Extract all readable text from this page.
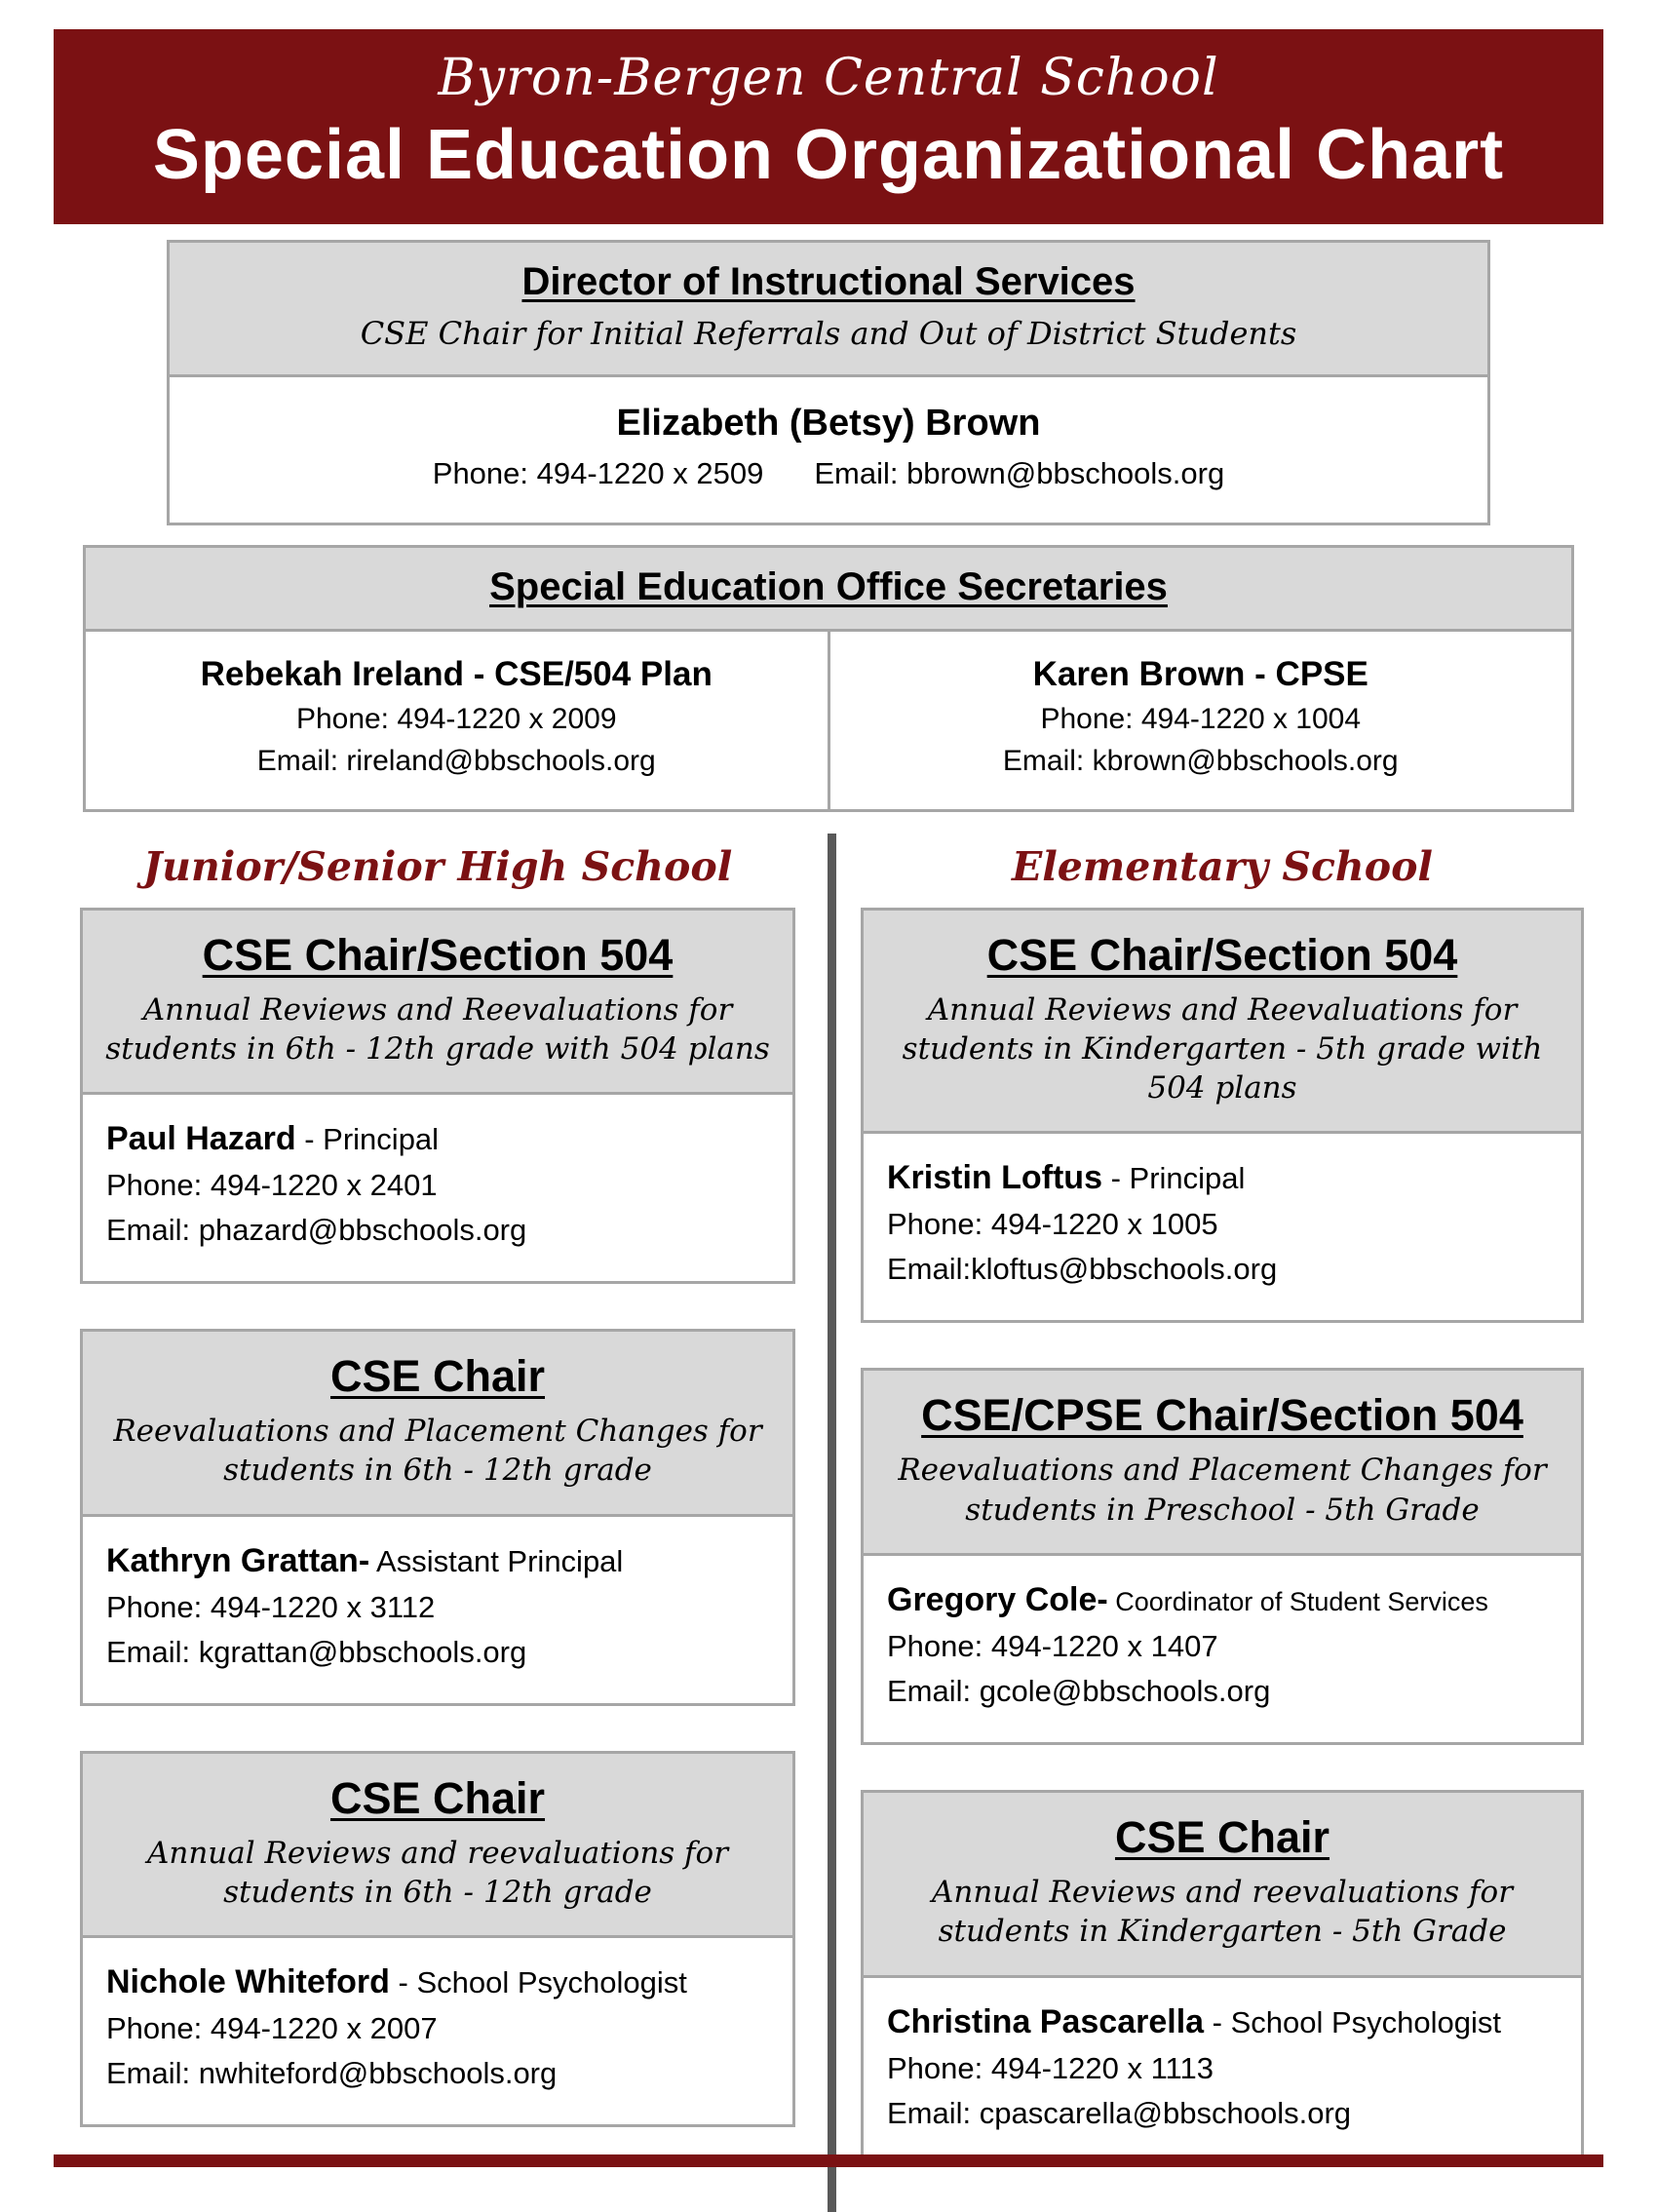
Byron-Bergen Central School
Special Education Organizational Chart
Director of Instructional Services
CSE Chair for Initial Referrals and Out of District Students
Elizabeth (Betsy) Brown
Phone: 494-1220 x 2509 Email: bbrown@bbschools.org
Special Education Office Secretaries
Rebekah Ireland - CSE/504 Plan
Phone: 494-1220 x 2009
Email: rireland@bbschools.org
Karen Brown - CPSE
Phone: 494-1220 x 1004
Email: kbrown@bbschools.org
Junior/Senior High School
CSE Chair/Section 504
Annual Reviews and Reevaluations for students in 6th - 12th grade with 504 plans
Paul Hazard - Principal
Phone: 494-1220 x 2401
Email: phazard@bbschools.org
CSE Chair
Reevaluations and Placement Changes for students in 6th - 12th grade
Kathryn Grattan- Assistant Principal
Phone: 494-1220 x 3112
Email: kgrattan@bbschools.org
CSE Chair
Annual Reviews and reevaluations for students in 6th - 12th grade
Nichole Whiteford - School Psychologist
Phone: 494-1220 x 2007
Email: nwhiteford@bbschools.org
Elementary School
CSE Chair/Section 504
Annual Reviews and Reevaluations for students in Kindergarten - 5th grade with 504 plans
Kristin Loftus - Principal
Phone: 494-1220 x 1005
Email:kloftus@bbschools.org
CSE/CPSE Chair/Section 504
Reevaluations and Placement Changes for students in Preschool - 5th Grade
Gregory Cole- Coordinator of Student Services
Phone: 494-1220 x 1407
Email: gcole@bbschools.org
CSE Chair
Annual Reviews and reevaluations for students in Kindergarten - 5th Grade
Christina Pascarella - School Psychologist
Phone: 494-1220 x 1113
Email: cpascarella@bbschools.org
